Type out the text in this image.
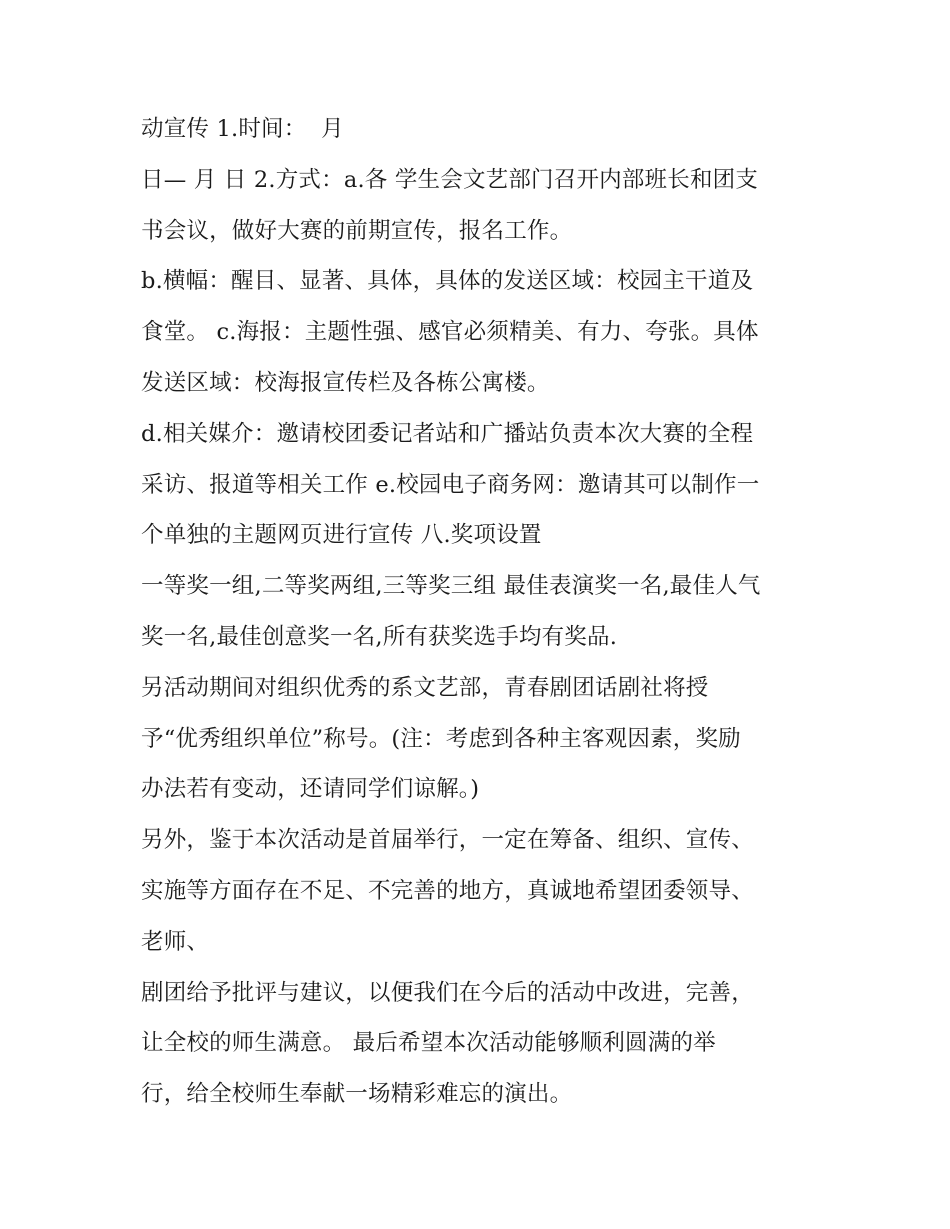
动宣传 1.时间：  月

日— 月 日 2.方式：a.各 学生会文艺部门召开内部班长和团支

书会议，做好大赛的前期宣传，报名工作。

b.横幅：醒目、显著、具体，具体的发送区域：校园主干道及

食堂。 c.海报：主题性强、感官必须精美、有力、夸张。具体

发送区域：校海报宣传栏及各栋公寓楼。

d.相关媒介：邀请校团委记者站和广播站负责本次大赛的全程

采访、报道等相关工作 e.校园电子商务网：邀请其可以制作一

个单独的主题网页进行宣传 八.奖项设置

一等奖一组,二等奖两组,三等奖三组 最佳表演奖一名,最佳人气

奖一名,最佳创意奖一名,所有获奖选手均有奖品.

另活动期间对组织优秀的系文艺部，青春剧团话剧社将授

予“优秀组织单位”称号。(注：考虑到各种主客观因素，奖励

办法若有变动，还请同学们谅解。)

另外，鉴于本次活动是首届举行，一定在筹备、组织、宣传、

实施等方面存在不足、不完善的地方，真诚地希望团委领导、

老师、

剧团给予批评与建议，以便我们在今后的活动中改进，完善，

让全校的师生满意。 最后希望本次活动能够顺利圆满的举

行，给全校师生奉献一场精彩难忘的演出。
